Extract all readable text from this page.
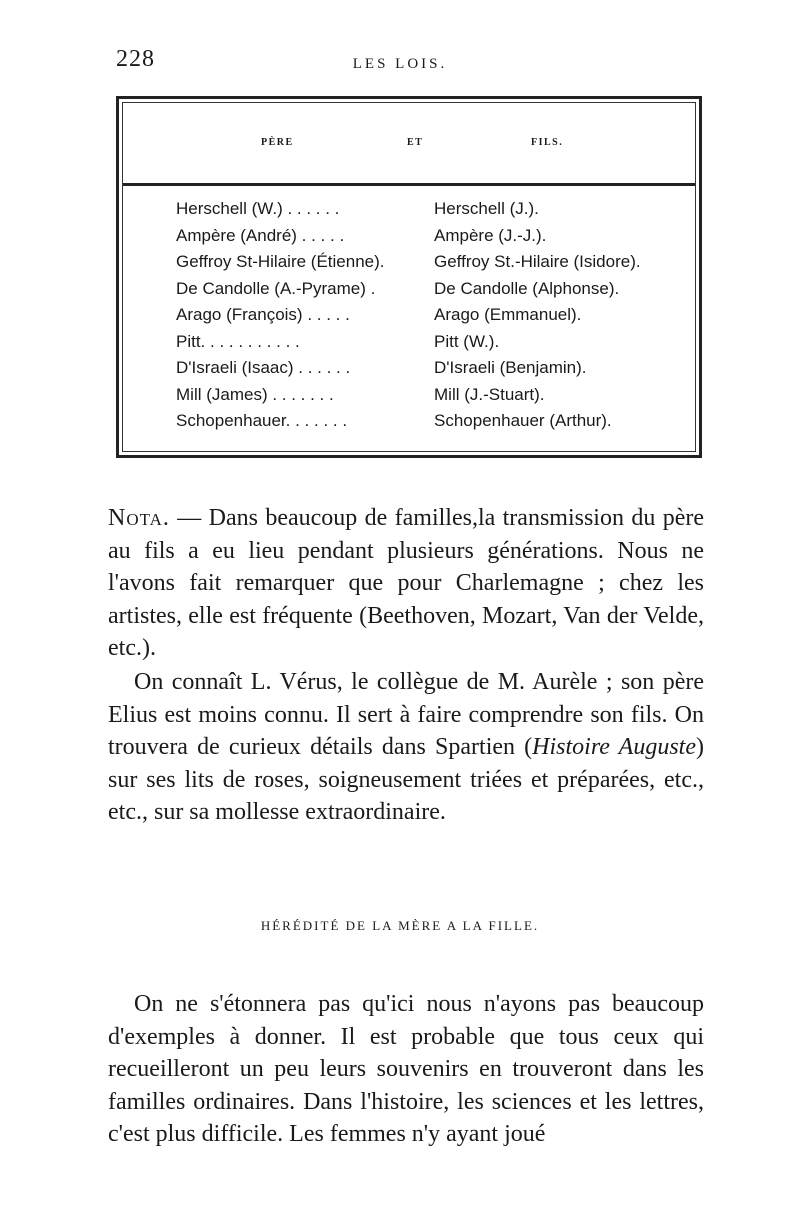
228	LES LOIS.
PÈRE	ET	FILS.
Herschell (W.) . . . . . .	Herschell (J.).
Ampère (André) . . . . .	Ampère (J.-J.).
Geffroy St-Hilaire (Étienne).	Geffroy St.-Hilaire (Isidore).
De Candolle (A.-Pyrame) .	De Candolle (Alphonse).
Arago (François) . . . . .	Arago (Emmanuel).
Pitt. . . . . . . . . . .	Pitt (W.).
D'Israeli (Isaac) . . . . . .	D'Israeli (Benjamin).
Mill (James) . . . . . . .	Mill (J.-Stuart).
Schopenhauer. . . . . . .	Schopenhauer (Arthur).

Nota. — Dans beaucoup de familles,la transmission du père au fils a eu lieu pendant plusieurs générations. Nous ne l'avons fait remarquer que pour Charlemagne ; chez les artistes, elle est fréquente (Beethoven, Mozart, Van der Velde, etc.).

On connaît L. Vérus, le collègue de M. Aurèle ; son père Elius est moins connu. Il sert à faire comprendre son fils. On trouvera de curieux détails dans Spartien (Histoire Auguste) sur ses lits de roses, soigneusement triées et préparées, etc., etc., sur sa mollesse extraordinaire.

HÉRÉDITÉ DE LA MÈRE A LA FILLE.

On ne s'étonnera pas qu'ici nous n'ayons pas beaucoup d'exemples à donner. Il est probable que tous ceux qui recueilleront un peu leurs souvenirs en trouveront dans les familles ordinaires. Dans l'histoire, les sciences et les lettres, c'est plus difficile. Les femmes n'y ayant joué
